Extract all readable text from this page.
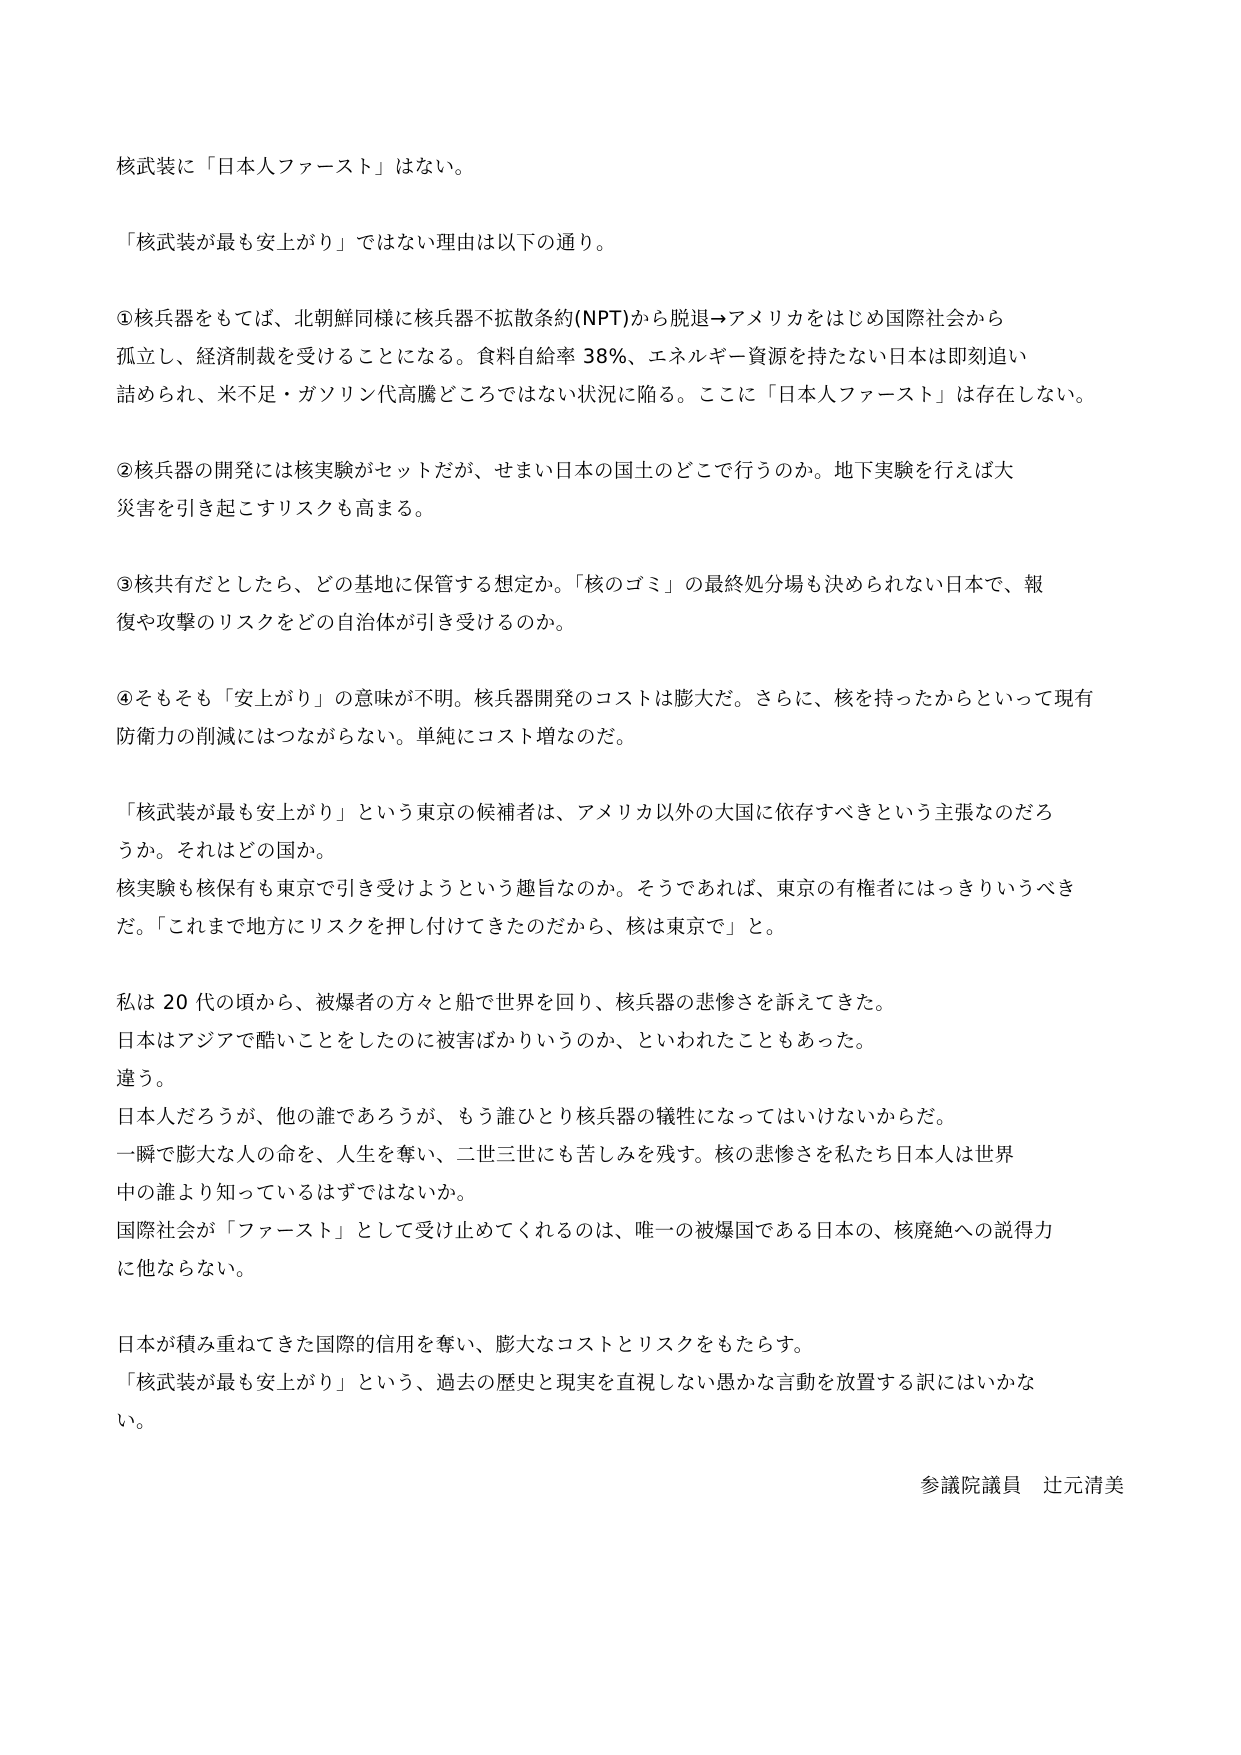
核武装に「日本人ファースト」はない。
「核武装が最も安上がり」ではない理由は以下の通り。
①核兵器をもてば、北朝鮮同様に核兵器不拡散条約(NPT)から脱退→アメリカをはじめ国際社会から
孤立し、経済制裁を受けることになる。食料自給率 38%、エネルギー資源を持たない日本は即刻追い
詰められ、米不足・ガソリン代高騰どころではない状況に陥る。ここに「日本人ファースト」は存在しない。
②核兵器の開発には核実験がセットだが、せまい日本の国土のどこで行うのか。地下実験を行えば大
災害を引き起こすリスクも高まる。
③核共有だとしたら、どの基地に保管する想定か。「核のゴミ」の最終処分場も決められない日本で、報
復や攻撃のリスクをどの自治体が引き受けるのか。
④そもそも「安上がり」の意味が不明。核兵器開発のコストは膨大だ。さらに、核を持ったからといって現有
防衛力の削減にはつながらない。単純にコスト増なのだ。
「核武装が最も安上がり」という東京の候補者は、アメリカ以外の大国に依存すべきという主張なのだろ
うか。それはどの国か。
核実験も核保有も東京で引き受けようという趣旨なのか。そうであれば、東京の有権者にはっきりいうべき
だ。「これまで地方にリスクを押し付けてきたのだから、核は東京で」と。
私は 20 代の頃から、被爆者の方々と船で世界を回り、核兵器の悲惨さを訴えてきた。
日本はアジアで酷いことをしたのに被害ばかりいうのか、といわれたこともあった。
違う。
日本人だろうが、他の誰であろうが、もう誰ひとり核兵器の犠牲になってはいけないからだ。
一瞬で膨大な人の命を、人生を奪い、二世三世にも苦しみを残す。核の悲惨さを私たち日本人は世界
中の誰より知っているはずではないか。
国際社会が「ファースト」として受け止めてくれるのは、唯一の被爆国である日本の、核廃絶への説得力
に他ならない。
日本が積み重ねてきた国際的信用を奪い、膨大なコストとリスクをもたらす。
「核武装が最も安上がり」という、過去の歴史と現実を直視しない愚かな言動を放置する訳にはいかな
い。
参議院議員　辻元清美
